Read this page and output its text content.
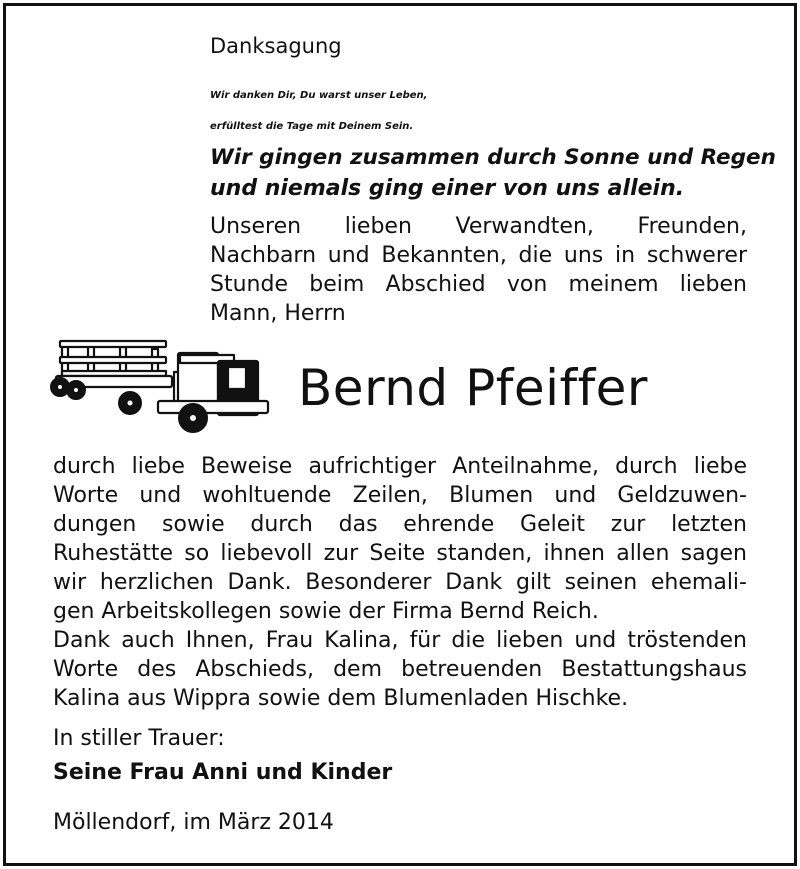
Danksagung
Wir danken Dir, Du warst unser Leben,
erfülltest die Tage mit Deinem Sein.
Wir gingen zusammen durch Sonne und Regen
und niemals ging einer von uns allein.
Unseren lieben Verwandten, Freunden,
Nachbarn und Bekannten, die uns in schwerer
Stunde beim Abschied von meinem lieben
Mann, Herrn
Bernd Pfeiffer
durch liebe Beweise aufrichtiger Anteilnahme, durch liebe
Worte und wohltuende Zeilen, Blumen und Geldzuwen-
dungen sowie durch das ehrende Geleit zur letzten
Ruhestätte so liebevoll zur Seite standen, ihnen allen sagen
wir herzlichen Dank. Besonderer Dank gilt seinen ehemali-
gen Arbeitskollegen sowie der Firma Bernd Reich.
Dank auch Ihnen, Frau Kalina, für die lieben und tröstenden
Worte des Abschieds, dem betreuenden Bestattungshaus
Kalina aus Wippra sowie dem Blumenladen Hischke.
In stiller Trauer:
Seine Frau Anni und Kinder
Möllendorf, im März 2014
